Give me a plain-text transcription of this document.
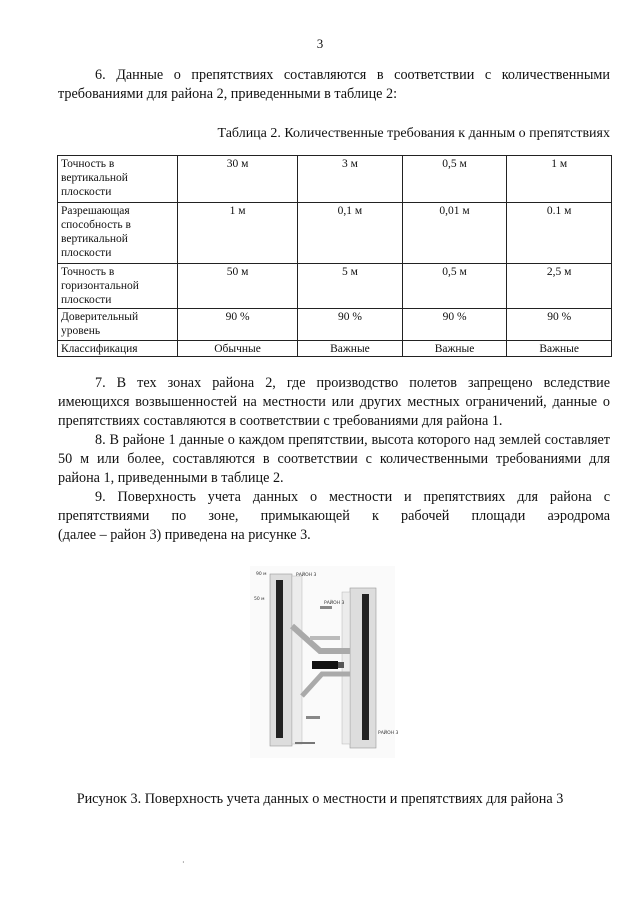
3

6. Данные о препятствиях составляются в соответствии с количественными требованиями для района 2, приведенными в таблице 2:

Таблица 2. Количественные требования к данным о препятствиях
Точность в вертикальной плоскости	30 м	3 м	0,5 м	1 м
Разрешающая способность в вертикальной плоскости	1 м	0,1 м	0,01 м	0.1 м
Точность в горизонтальной плоскости	50 м	5 м	0,5 м	2,5 м
Доверительный уровень	90 %	90 %	90 %	90 %
Классификация	Обычные	Важные	Важные	Важные

7. В тех зонах района 2, где производство полетов запрещено вследствие имеющихся возвышенностей на местности или других местных ограничений, данные о препятствиях составляются в соответствии с требованиями для района 1.

8. В районе 1 данные о каждом препятствии, высота которого над землей составляет 50 м или более, составляются в соответствии с количественными требованиями для района 1, приведенными в таблице 2.

9. Поверхность учета данных о местности и препятствиях для района с
препятствиями по зоне, примыкающей к рабочей площади аэродрома
(далее – район 3) приведена на рисунке 3.
РАЙОН 3
РАЙОН 3
РАЙОН 3
90 м
50 м
Рисунок 3. Поверхность учета данных о местности и препятствиях для района 3
·
